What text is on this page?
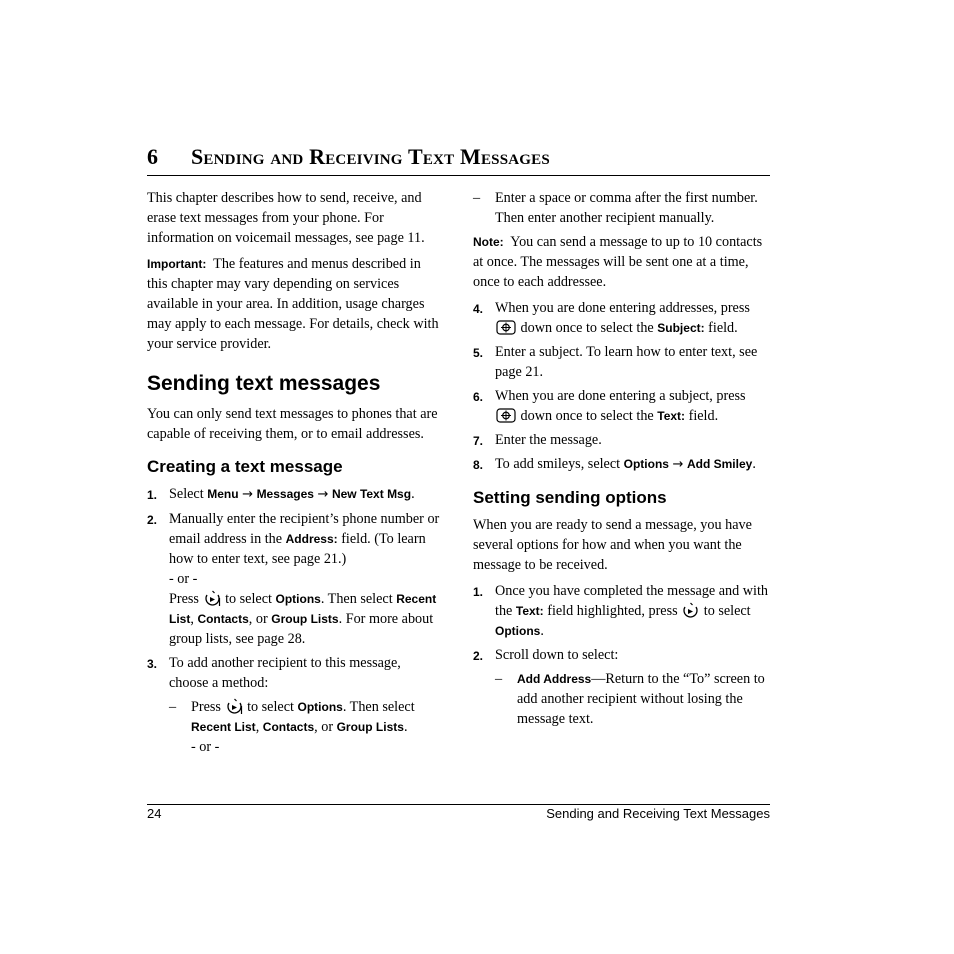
6 Sending and Receiving Text Messages

This chapter describes how to send, receive, and erase text messages from your phone. For information on voicemail messages, see page 11.

Important: The features and menus described in this chapter may vary depending on services available in your area. In addition, usage charges may apply to each message. For details, check with your service provider.

Sending text messages

You can only send text messages to phones that are capable of receiving them, or to email addresses.

Creating a text message
1. Select Menu → Messages → New Text Msg.
2. Manually enter the recipient’s phone number or email address in the Address: field. (To learn how to enter text, see page 21.)
- or -
Press  to select Options. Then select Recent List, Contacts, or Group Lists. For more about group lists, see page 28.
3. To add another recipient to this message, choose a method:
– Press  to select Options. Then select Recent List, Contacts, or Group Lists.
- or -
– Enter a space or comma after the first number. Then enter another recipient manually.

Note: You can send a message to up to 10 contacts at once. The messages will be sent one at a time, once to each addressee.

4. When you are done entering addresses, press  down once to select the Subject: field.
5. Enter a subject. To learn how to enter text, see page 21.
6. When you are done entering a subject, press  down once to select the Text: field.
7. Enter the message.
8. To add smileys, select Options → Add Smiley.
Setting sending options

When you are ready to send a message, you have several options for how and when you want the message to be received.

1. Once you have completed the message and with the Text: field highlighted, press  to select Options.
2. Scroll down to select:
– Add Address—Return to the “To” screen to add another recipient without losing the message text.
24	Sending and Receiving Text Messages
